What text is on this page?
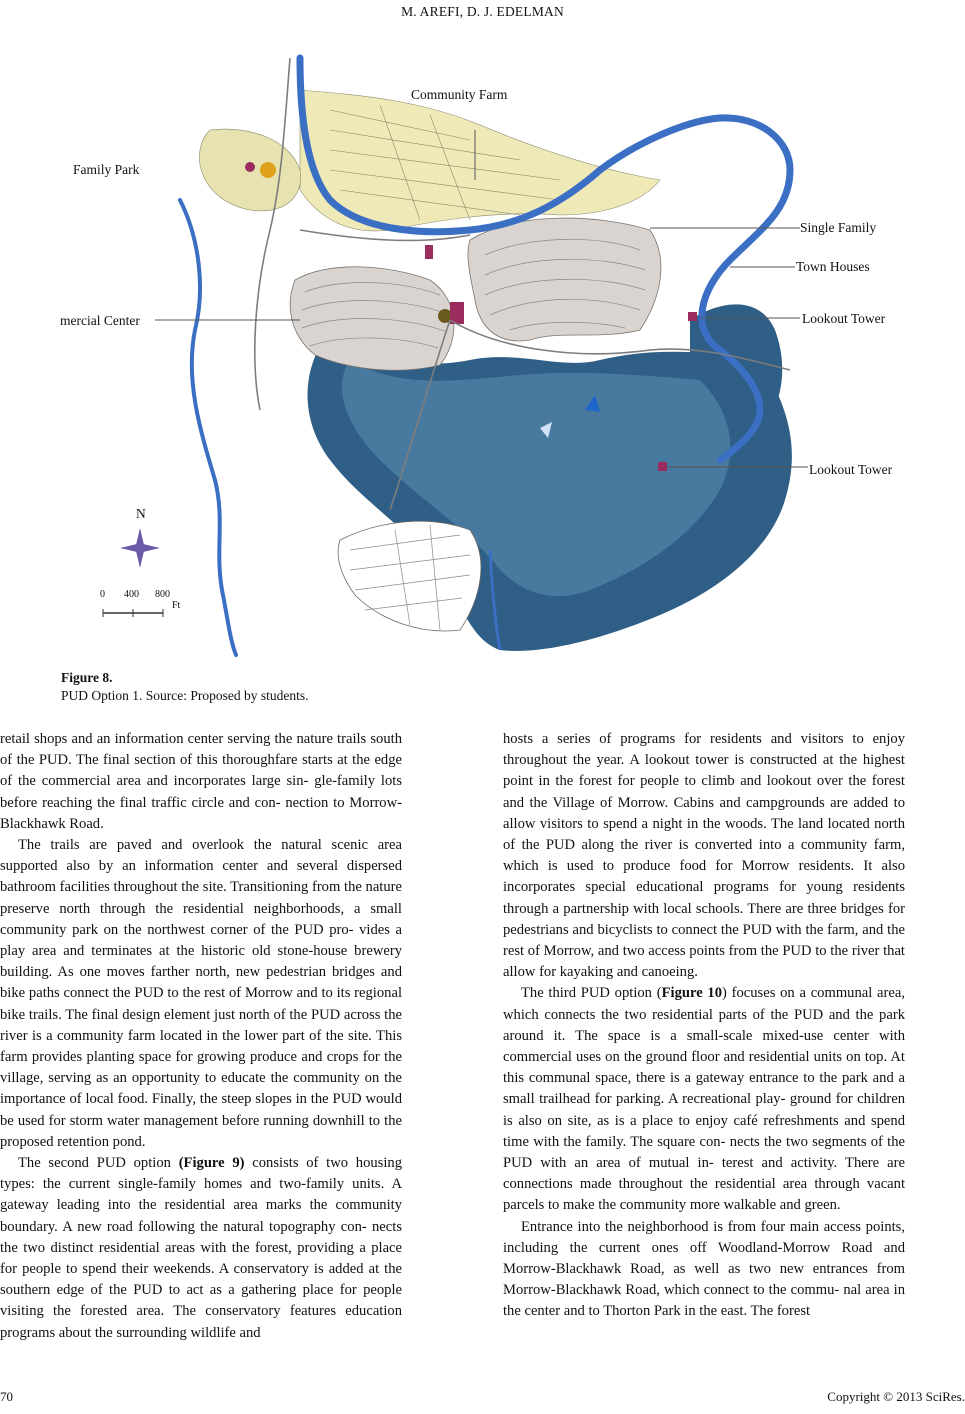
M. AREFI, D. J. EDELMAN
Community Farm
Family Park
Single Family
Town Houses
mercial Center	Lookout Tower
Lookout Tower
N
0 400 800
Ft
Figure 8.
PUD Option 1. Source: Proposed by students.

retail shops and an information center serving the nature trails south of the PUD. The final section of this thoroughfare starts at the edge of the commercial area and incorporates large sin- gle-family lots before reaching the final traffic circle and con- nection to Morrow-Blackhawk Road.

The trails are paved and overlook the natural scenic area supported also by an information center and several dispersed bathroom facilities throughout the site. Transitioning from the nature preserve north through the residential neighborhoods, a small community park on the northwest corner of the PUD pro- vides a play area and terminates at the historic old stone-house brewery building. As one moves farther north, new pedestrian bridges and bike paths connect the PUD to the rest of Morrow and to its regional bike trails. The final design element just north of the PUD across the river is a community farm located in the lower part of the site. This farm provides planting space for growing produce and crops for the village, serving as an opportunity to educate the community on the importance of local food. Finally, the steep slopes in the PUD would be used for storm water management before running downhill to the proposed retention pond.

The second PUD option (Figure 9) consists of two housing types: the current single-family homes and two-family units. A gateway leading into the residential area marks the community boundary. A new road following the natural topography con- nects the two distinct residential areas with the forest, providing a place for people to spend their weekends. A conservatory is added at the southern edge of the PUD to act as a gathering place for people visiting the forested area. The conservatory features education programs about the surrounding wildlife and

hosts a series of programs for residents and visitors to enjoy throughout the year. A lookout tower is constructed at the highest point in the forest for people to climb and lookout over the forest and the Village of Morrow. Cabins and campgrounds are added to allow visitors to spend a night in the woods. The land located north of the PUD along the river is converted into a community farm, which is used to produce food for Morrow residents. It also incorporates special educational programs for young residents through a partnership with local schools. There are three bridges for pedestrians and bicyclists to connect the PUD with the farm, and the rest of Morrow, and two access points from the PUD to the river that allow for kayaking and canoeing.

The third PUD option (Figure 10) focuses on a communal area, which connects the two residential parts of the PUD and the park around it. The space is a small-scale mixed-use center with commercial uses on the ground floor and residential units on top. At this communal space, there is a gateway entrance to the park and a small trailhead for parking. A recreational play- ground for children is also on site, as is a place to enjoy café refreshments and spend time with the family. The square con- nects the two segments of the PUD with an area of mutual in- terest and activity. There are connections made throughout the residential area through vacant parcels to make the community more walkable and green.

Entrance into the neighborhood is from four main access points, including the current ones off Woodland-Morrow Road and Morrow-Blackhawk Road, as well as two new entrances from Morrow-Blackhawk Road, which connect to the commu- nal area in the center and to Thorton Park in the east. The forest

70	Copyright © 2013 SciRes.
